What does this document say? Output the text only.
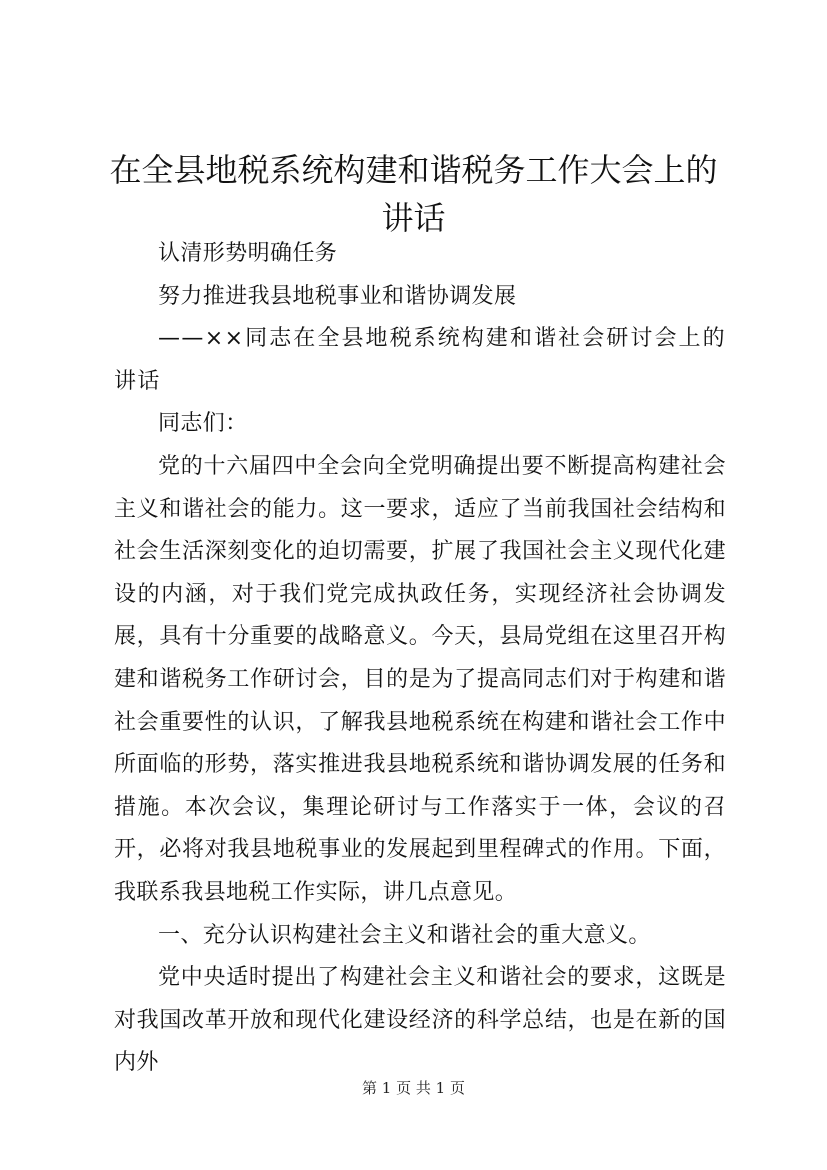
在全县地税系统构建和谐税务工作大会上的讲话

认清形势明确任务

努力推进我县地税事业和谐协调发展

——××同志在全县地税系统构建和谐社会研讨会上的讲话

同志们：

党的十六届四中全会向全党明确提出要不断提高构建社会主义和谐社会的能力。这一要求，适应了当前我国社会结构和社会生活深刻变化的迫切需要，扩展了我国社会主义现代化建设的内涵，对于我们党完成执政任务，实现经济社会协调发展，具有十分重要的战略意义。今天，县局党组在这里召开构建和谐税务工作研讨会，目的是为了提高同志们对于构建和谐社会重要性的认识，了解我县地税系统在构建和谐社会工作中所面临的形势，落实推进我县地税系统和谐协调发展的任务和措施。本次会议，集理论研讨与工作落实于一体，会议的召开，必将对我县地税事业的发展起到里程碑式的作用。下面，我联系我县地税工作实际，讲几点意见。

一、充分认识构建社会主义和谐社会的重大意义。

党中央适时提出了构建社会主义和谐社会的要求，这既是对我国改革开放和现代化建设经济的科学总结，也是在新的国内外

第 1 页 共 1 页
